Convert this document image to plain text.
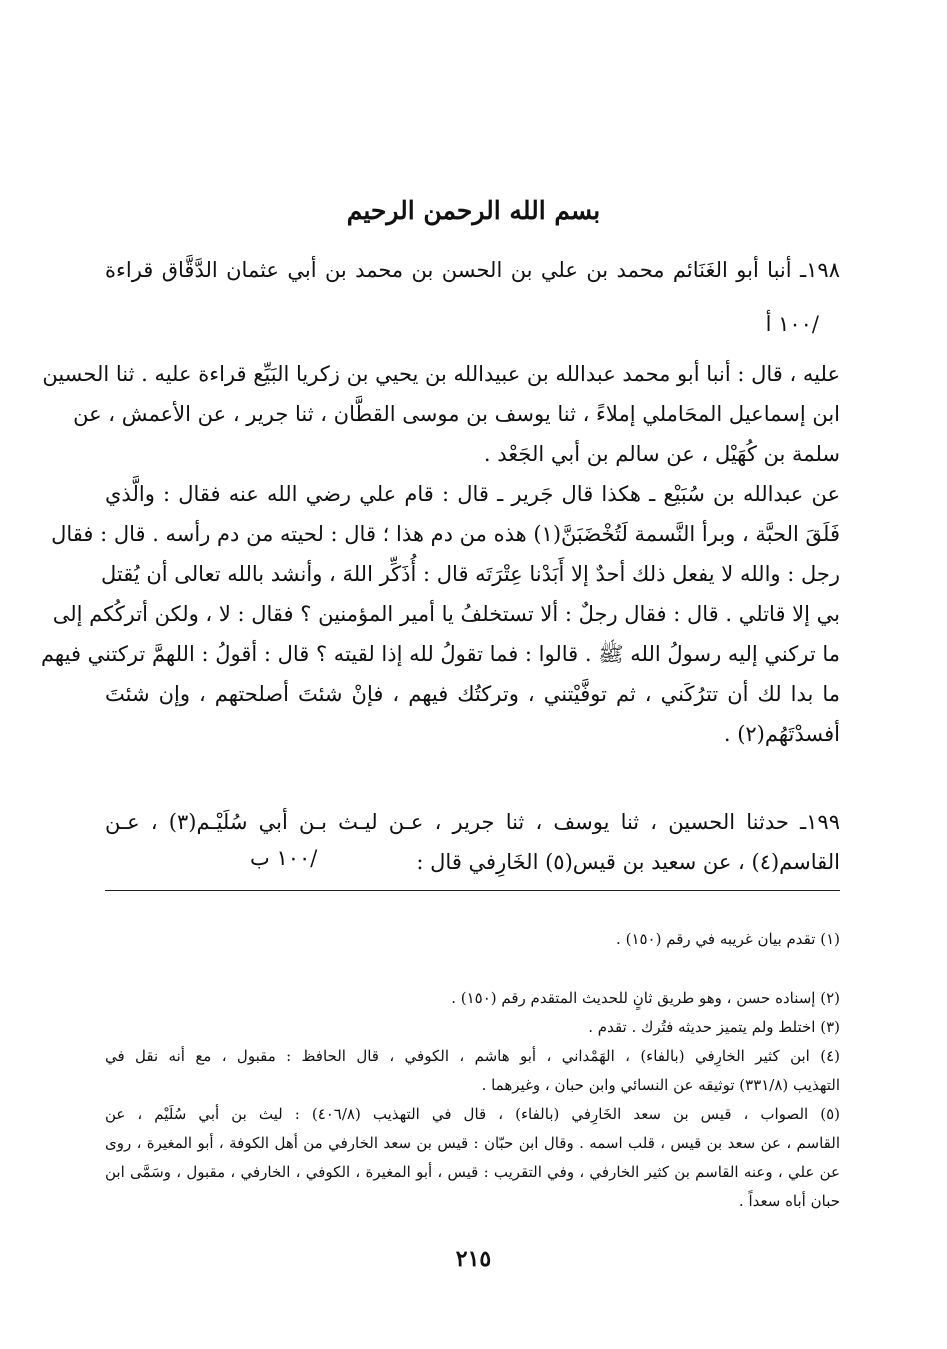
بسم الله الرحمن الرحيم
١٩٨ـ أنبا أبو الغَنَائم محمد بن علي بن الحسن بن محمد بن أبي عثمان الدَّقَّاق قراءة
/١٠٠ أ
عليه ، قال : أنبا أبو محمد عبدالله بن عبيدالله بن يحيي بن زكريا البَيِّع قراءة عليه . ثنا الحسين
ابن إسماعيل المحَاملي إملاءً ، ثنا يوسف بن موسى القطَّان ، ثنا جرير ، عن الأعمش ، عن
سلمة بن كُهَيْل ، عن سالم بن أبي الجَعْد .
عن عبدالله بن سُبَيْع ـ هكذا قال جَرير ـ قال : قام علي رضي الله عنه فقال : والَّذي
فَلَقَ الحبَّة ، وبرأ النَّسمة لَتُخْضَبَنَّ(١) هذه من دم هذا ؛ قال : لحيته من دم رأسه . قال : فقال
رجل : والله لا يفعل ذلك أحدٌ إلا أَبَدْنا عِتْرَتَه قال : أُذَكِّر اللهَ ، وأنشد بالله تعالى أن يُقتل
بي إلا قاتلي . قال : فقال رجلٌ : ألا تستخلفُ يا أمير المؤمنين ؟ فقال : لا ، ولكن أتركُكم إلى
ما تركني إليه رسولُ الله ﷺ . قالوا : فما تقولُ لله إذا لقيته ؟ قال : أقولُ : اللهمَّ تركتني فيهم
ما بدا لك أن تترُكَني ، ثم توفَّيْتني ، وتركتُك فيهم ، فإنْ شئتَ أصلحتهم ، وإن شئتَ
أفسدْتَهُم(٢) .
١٩٩ـ حدثنا الحسين ، ثنا يوسف ، ثنا جرير ، عـن ليـث بـن أبي سُلَيْـم(٣) ، عـن
القاسم(٤) ، عن سعيد بن قيس(٥) الخَارِفي قال :
/١٠٠ ب
(١) تقدم بيان غريبه في رقم (١٥٠) .
(٢) إسناده حسن ، وهو طريق ثانٍ للحديث المتقدم رقم (١٥٠) .
(٣) اختلط ولم يتميز حديثه فتُرك . تقدم .
(٤) ابن كثير الخارِفي (بالفاء) ، الهَمْداني ، أبو هاشم ، الكوفي ، قال الحافظ : مقبول ، مع أنه نقل في
التهذيب (٣٣١/٨) توثيقه عن النسائي وابن حبان ، وغيرهما .
(٥) الصواب ، قيس بن سعد الخَارِفي (بالفاء) ، قال في التهذيب (٤٠٦/٨) : ليث بن أبي سُلَيْم ، عن
القاسم ، عن سعد بن قيس ، قلب اسمه . وقال ابن حبّان : قيس بن سعد الخارفي من أهل الكوفة ، أبو المغيرة ، روى
عن علي ، وعنه القاسم بن كثير الخارفي ، وفي التقريب : قيس ، أبو المغيرة ، الكوفي ، الخارفي ، مقبول ، وسَمَّى ابن
حبان أباه سعداً .
٢١٥
